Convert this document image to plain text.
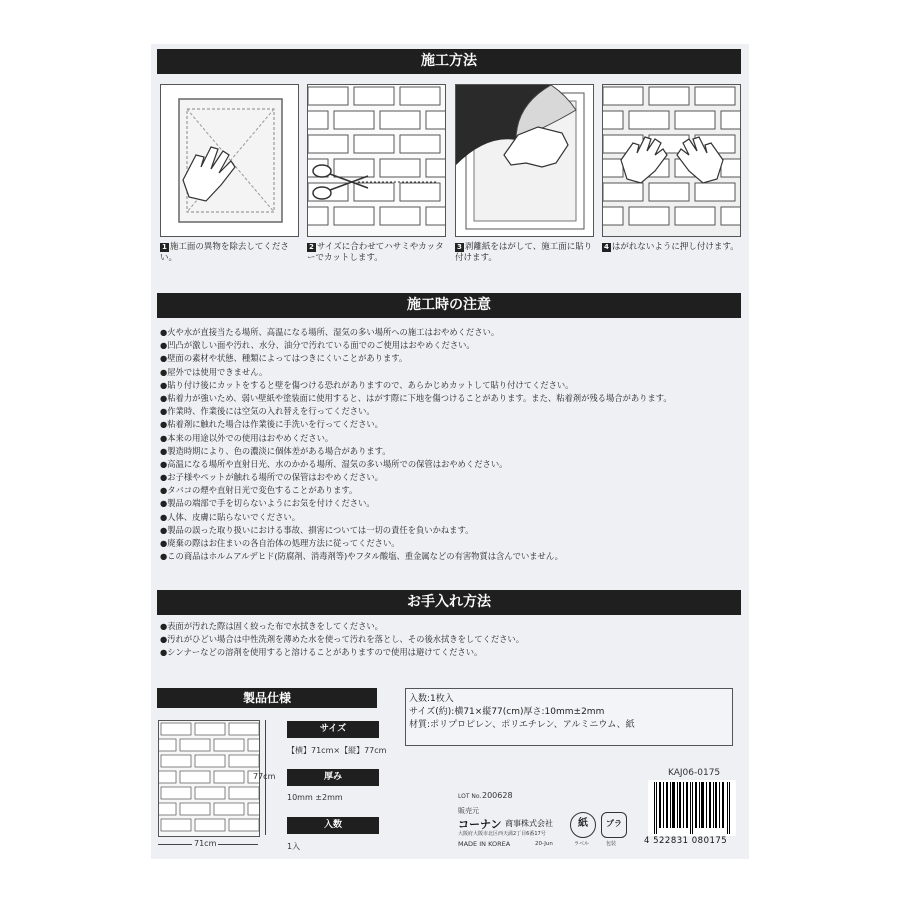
施工方法
1 施工面の異物を除去してください。
2 サイズに合わせてハサミやカッターでカットします。
3 剥離紙をはがして、施工面に貼り付けます。
4 はがれないように押し付けます。
施工時の注意
●火や水が直接当たる場所、高温になる場所、湿気の多い場所への施工はおやめください。
●凹凸が激しい面や汚れ、水分、油分で汚れている面でのご使用はおやめください。
●壁面の素材や状態、種類によってはつきにくいことがあります。
●屋外では使用できません。
●貼り付け後にカットをすると壁を傷つける恐れがありますので、あらかじめカットして貼り付けてください。
●粘着力が強いため、弱い壁紙や塗装面に使用すると、はがす際に下地を傷つけることがあります。また、粘着剤が残る場合があります。
●作業時、作業後には空気の入れ替えを行ってください。
●粘着剤に触れた場合は作業後に手洗いを行ってください。
●本来の用途以外での使用はおやめください。
●製造時期により、色の濃淡に個体差がある場合があります。
●高温になる場所や直射日光、水のかかる場所、湿気の多い場所での保管はおやめください。
●お子様やペットが触れる場所での保管はおやめください。
●タバコの煙や直射日光で変色することがあります。
●製品の端部で手を切らないようにお気を付けください。
●人体、皮膚に貼らないでください。
●製品の誤った取り扱いにおける事故、損害については一切の責任を負いかねます。
●廃棄の際はお住まいの各自治体の処理方法に従ってください。
●この商品はホルムアルデヒド(防腐剤、消毒剤等)やフタル酸塩、重金属などの有害物質は含んでいません。
お手入れ方法
●表面が汚れた際は固く絞った布で水拭きをしてください。
●汚れがひどい場合は中性洗剤を薄めた水を使って汚れを落とし、その後水拭きをしてください。
●シンナーなどの溶剤を使用すると溶けることがありますので使用は避けてください。
製品仕様
77cm
71cm
サイズ
【横】71cm×【縦】77cm
厚み
10mm ±2mm
入数
1入
入数:1枚入
サイズ(約):横71×縦77(cm)厚さ:10mm±2mm
材質:ポリプロピレン、ポリエチレン、アルミニウム、紙
KAJ06-0175
LOT No. 200628
販売元
コーナン 商事株式会社
大阪府大阪市北区西天満2丁目6番17号
MADE IN KOREA	20-Jun
紙
ラベル
プラ
包装	4 522831 080175
